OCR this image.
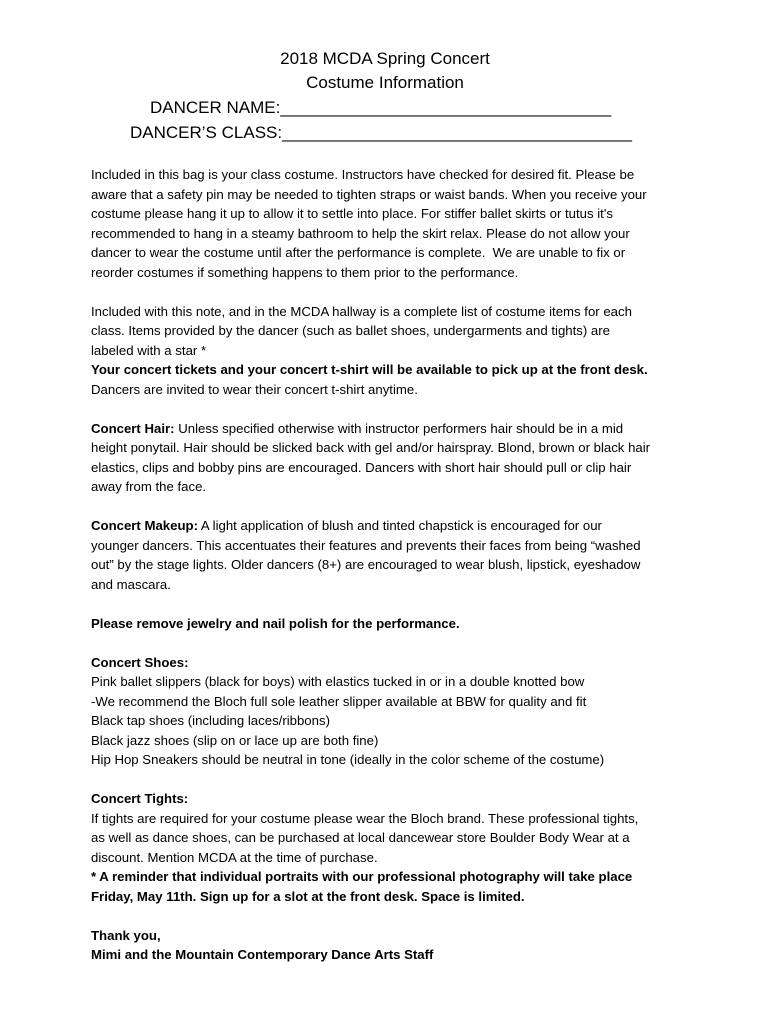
2018 MCDA Spring Concert
Costume Information
DANCER NAME:___________________________________
DANCER’S CLASS:_____________________________________
Included in this bag is your class costume. Instructors have checked for desired fit. Please be
aware that a safety pin may be needed to tighten straps or waist bands. When you receive your
costume please hang it up to allow it to settle into place. For stiffer ballet skirts or tutus it's
recommended to hang in a steamy bathroom to help the skirt relax. Please do not allow your
dancer to wear the costume until after the performance is complete.  We are unable to fix or
reorder costumes if something happens to them prior to the performance.
Included with this note, and in the MCDA hallway is a complete list of costume items for each
class. Items provided by the dancer (such as ballet shoes, undergarments and tights) are
labeled with a star *
Your concert tickets and your concert t-shirt will be available to pick up at the front desk.
Dancers are invited to wear their concert t-shirt anytime.
Concert Hair: Unless specified otherwise with instructor performers hair should be in a mid
height ponytail. Hair should be slicked back with gel and/or hairspray. Blond, brown or black hair
elastics, clips and bobby pins are encouraged. Dancers with short hair should pull or clip hair
away from the face.
Concert Makeup: A light application of blush and tinted chapstick is encouraged for our
younger dancers. This accentuates their features and prevents their faces from being “washed
out” by the stage lights. Older dancers (8+) are encouraged to wear blush, lipstick, eyeshadow
and mascara.
Please remove jewelry and nail polish for the performance.
Concert Shoes:
Pink ballet slippers (black for boys) with elastics tucked in or in a double knotted bow
-We recommend the Bloch full sole leather slipper available at BBW for quality and fit
Black tap shoes (including laces/ribbons)
Black jazz shoes (slip on or lace up are both fine)
Hip Hop Sneakers should be neutral in tone (ideally in the color scheme of the costume)
Concert Tights:
If tights are required for your costume please wear the Bloch brand. These professional tights,
as well as dance shoes, can be purchased at local dancewear store Boulder Body Wear at a
discount. Mention MCDA at the time of purchase.
* A reminder that individual portraits with our professional photography will take place
Friday, May 11th. Sign up for a slot at the front desk. Space is limited.
Thank you,
Mimi and the Mountain Contemporary Dance Arts Staff
